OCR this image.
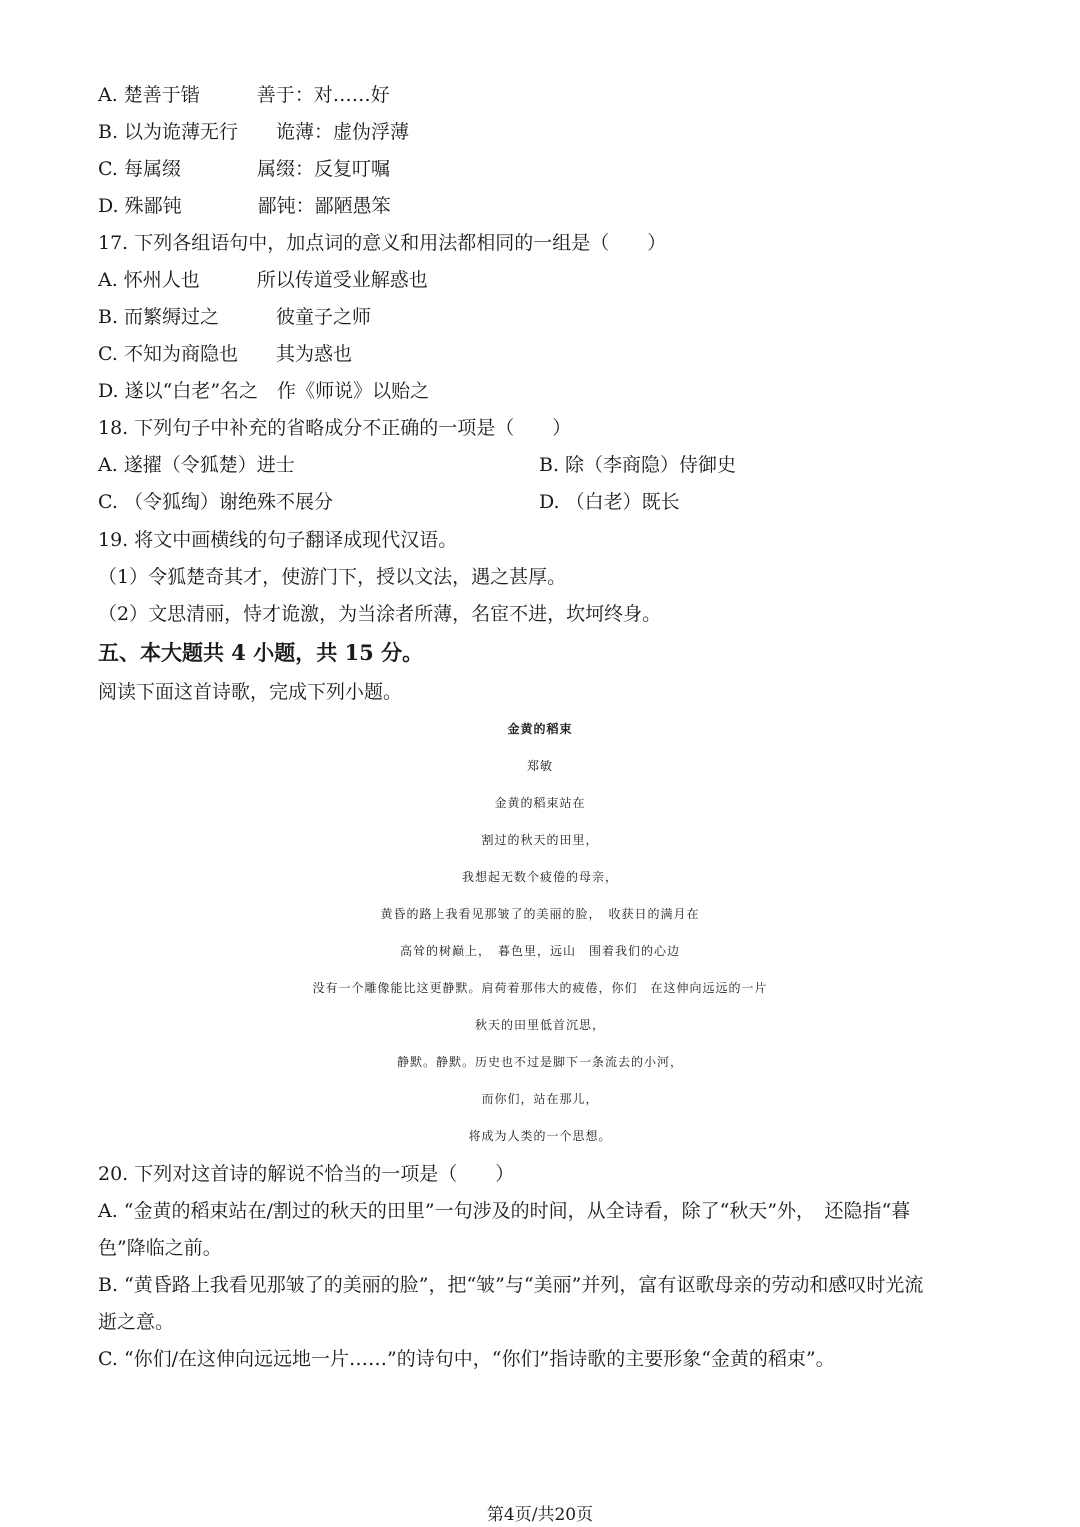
A. 楚善于锴　　　善于：对……好
B. 以为诡薄无行　　诡薄：虚伪浮薄
C. 每属缀　　　　属缀：反复叮嘱
D. 殊鄙钝　　　　鄙钝：鄙陋愚笨
17. 下列各组语句中，加点词的意义和用法都相同的一组是（　　）
A. 怀州人也　　　所以传道受业解惑也
B. 而繁缛过之　　　彼童子之师
C. 不知为商隐也　　其为惑也
D. 遂以“白老”名之　作《师说》以贻之
18. 下列句子中补充的省略成分不正确的一项是（　　）
A. 遂擢（令狐楚）进士	B. 除（李商隐）侍御史
C. （令狐绹）谢绝殊不展分	D. （白老）既长
19. 将文中画横线的句子翻译成现代汉语。
（1）令狐楚奇其才，使游门下，授以文法，遇之甚厚。
（2）文思清丽，恃才诡激，为当涂者所薄，名宦不进，坎坷终身。
五、本大题共 4 小题，共 15 分。
阅读下面这首诗歌，完成下列小题。
金黄的稻束
郑敏
金黄的稻束站在
割过的秋天的田里，
我想起无数个疲倦的母亲，
黄昏的路上我看见那皱了的美丽的脸，　收获日的满月在
高耸的树巅上，　暮色里，远山　围着我们的心边
没有一个雕像能比这更静默。肩荷着那伟大的疲倦，你们　在这伸向远远的一片
秋天的田里低首沉思，
静默。静默。历史也不过是脚下一条流去的小河，
而你们，站在那儿，
将成为人类的一个思想。
20. 下列对这首诗的解说不恰当的一项是（　　）
A. “金黄的稻束站在/割过的秋天的田里”一句涉及的时间，从全诗看，除了“秋天”外，　还隐指“暮
色”降临之前。
B. “黄昏路上我看见那皱了的美丽的脸”，把“皱”与“美丽”并列，富有讴歌母亲的劳动和感叹时光流
逝之意。
C. “你们/在这伸向远远地一片……”的诗句中，“你们”指诗歌的主要形象“金黄的稻束”。
第4页/共20页
